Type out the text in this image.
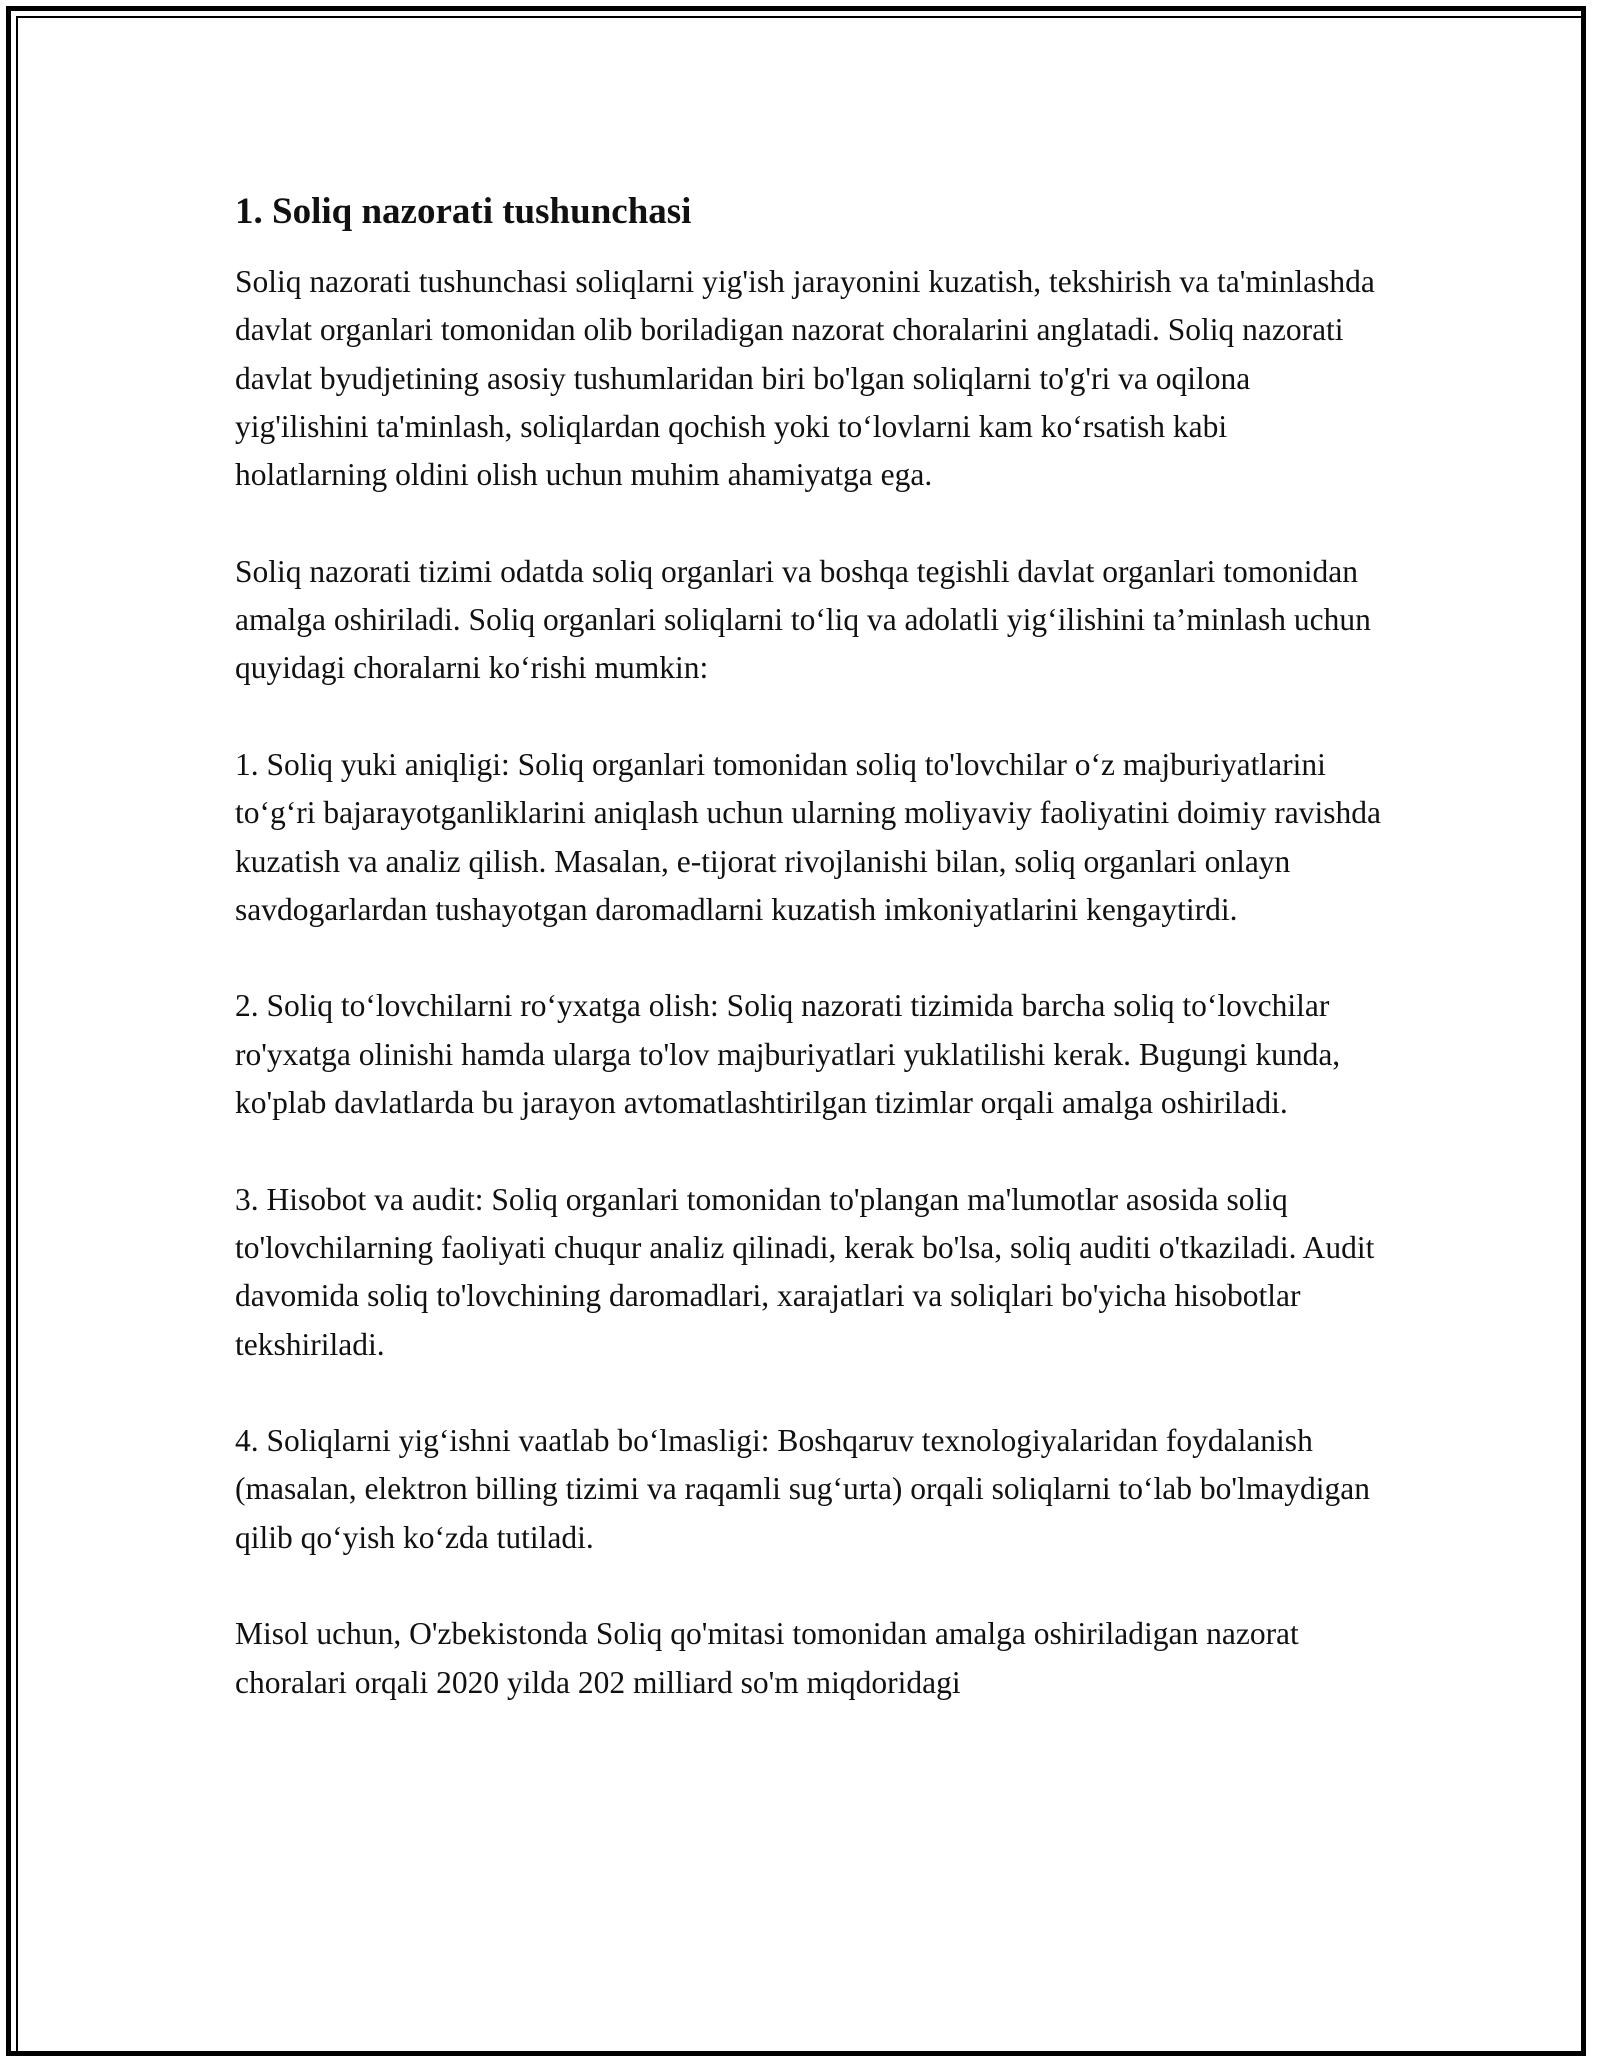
1. Soliq nazorati tushunchasi

Soliq nazorati tushunchasi soliqlarni yig'ish jarayonini kuzatish, tekshirish va ta'minlashda davlat organlari tomonidan olib boriladigan nazorat choralarini anglatadi. Soliq nazorati davlat byudjetining asosiy tushumlaridan biri bo'lgan soliqlarni to'g'ri va oqilona yig'ilishini ta'minlash, soliqlardan qochish yoki to‘lovlarni kam ko‘rsatish kabi holatlarning oldini olish uchun muhim ahamiyatga ega.

Soliq nazorati tizimi odatda soliq organlari va boshqa tegishli davlat organlari tomonidan amalga oshiriladi. Soliq organlari soliqlarni to‘liq va adolatli yig‘ilishini ta’minlash uchun quyidagi choralarni ko‘rishi mumkin:

1. Soliq yuki aniqligi: Soliq organlari tomonidan soliq to'lovchilar o‘z majburiyatlarini to‘g‘ri bajarayotganliklarini aniqlash uchun ularning moliyaviy faoliyatini doimiy ravishda kuzatish va analiz qilish. Masalan, e-tijorat rivojlanishi bilan, soliq organlari onlayn savdogarlardan tushayotgan daromadlarni kuzatish imkoniyatlarini kengaytirdi.

2. Soliq to‘lovchilarni ro‘yxatga olish: Soliq nazorati tizimida barcha soliq to‘lovchilar ro'yxatga olinishi hamda ularga to'lov majburiyatlari yuklatilishi kerak. Bugungi kunda, ko'plab davlatlarda bu jarayon avtomatlashtirilgan tizimlar orqali amalga oshiriladi.

3. Hisobot va audit: Soliq organlari tomonidan to'plangan ma'lumotlar asosida soliq to'lovchilarning faoliyati chuqur analiz qilinadi, kerak bo'lsa, soliq auditi o'tkaziladi. Audit davomida soliq to'lovchining daromadlari, xarajatlari va soliqlari bo'yicha hisobotlar tekshiriladi.

4. Soliqlarni yig‘ishni vaatlab bo‘lmasligi: Boshqaruv texnologiyalaridan foydalanish (masalan, elektron billing tizimi va raqamli sug‘urta) orqali soliqlarni to‘lab bo'lmaydigan qilib qo‘yish ko‘zda tutiladi.

Misol uchun, O'zbekistonda Soliq qo'mitasi tomonidan amalga oshiriladigan nazorat choralari orqali 2020 yilda 202 milliard so'm miqdoridagi
